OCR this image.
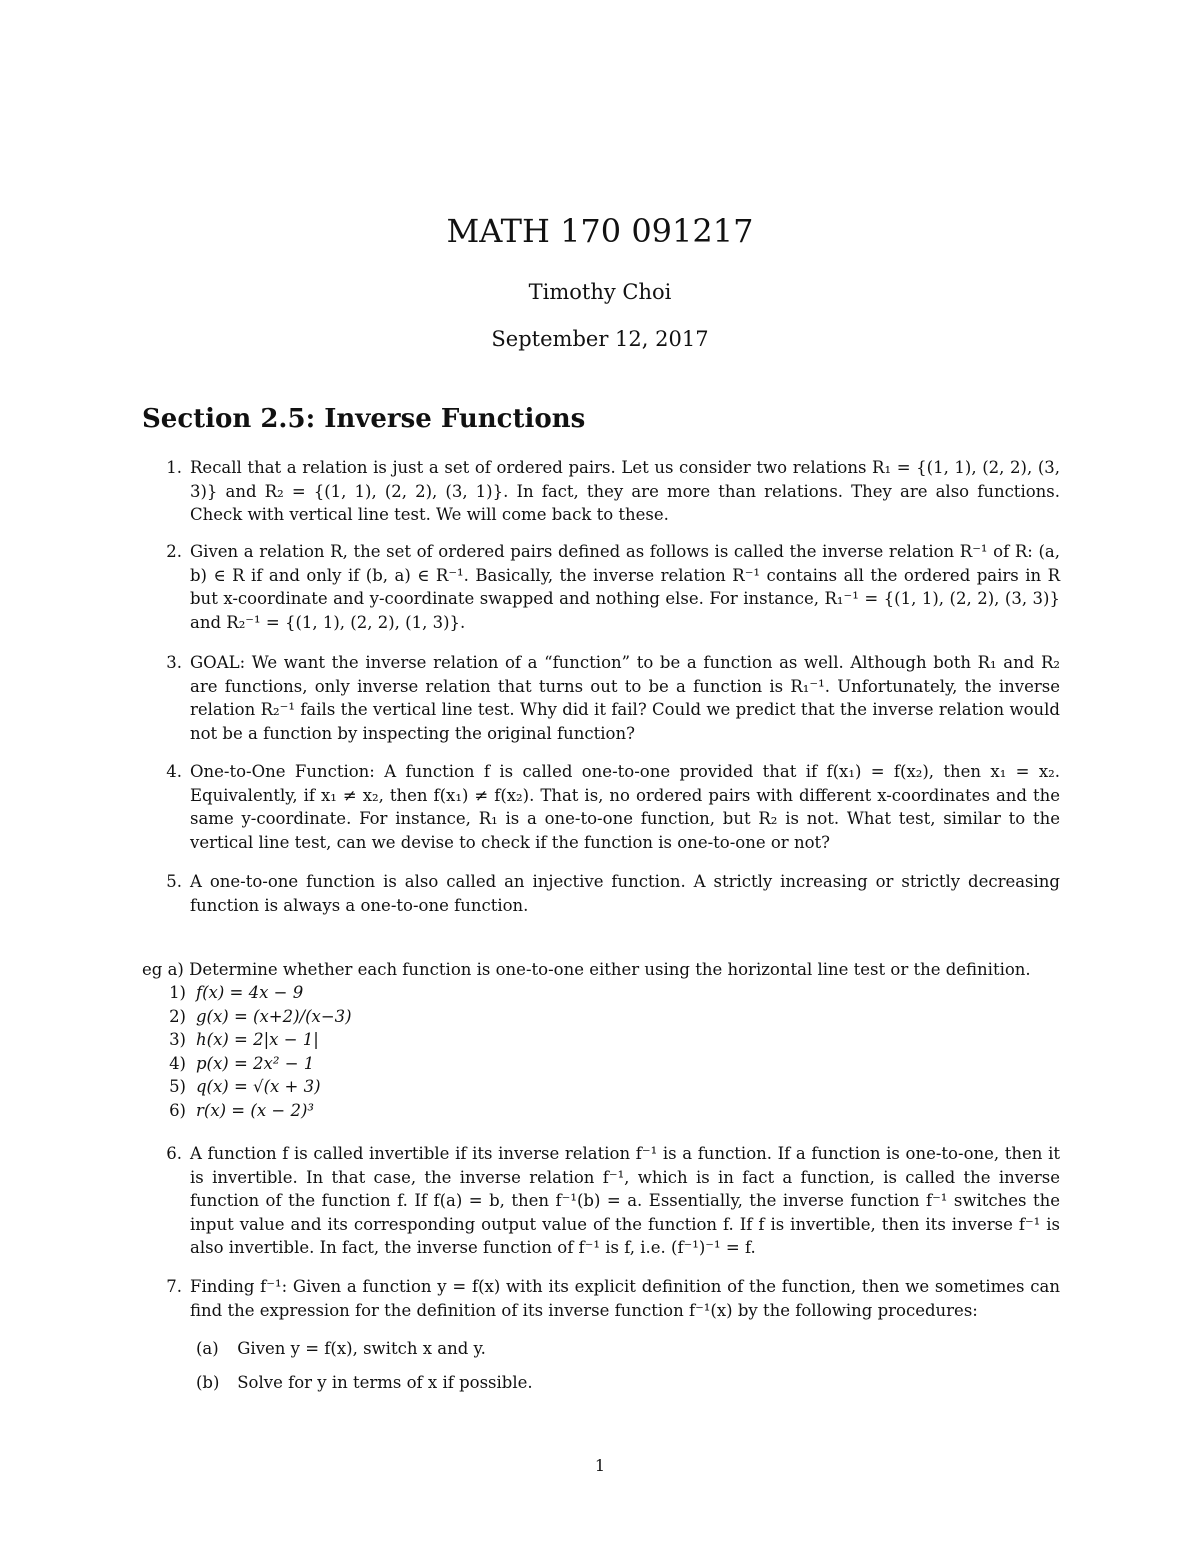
MATH 170 091217
Timothy Choi
September 12, 2017
Section 2.5: Inverse Functions
1. Recall that a relation is just a set of ordered pairs. Let us consider two relations R₁ = {(1, 1), (2, 2), (3, 3)} and R₂ = {(1, 1), (2, 2), (3, 1)}. In fact, they are more than relations. They are also functions. Check with vertical line test. We will come back to these.
2. Given a relation R, the set of ordered pairs defined as follows is called the inverse relation R⁻¹ of R: (a, b) ∈ R if and only if (b, a) ∈ R⁻¹. Basically, the inverse relation R⁻¹ contains all the ordered pairs in R but x-coordinate and y-coordinate swapped and nothing else. For instance, R₁⁻¹ = {(1, 1), (2, 2), (3, 3)} and R₂⁻¹ = {(1, 1), (2, 2), (1, 3)}.
3. GOAL: We want the inverse relation of a “function” to be a function as well. Although both R₁ and R₂ are functions, only inverse relation that turns out to be a function is R₁⁻¹. Unfortunately, the inverse relation R₂⁻¹ fails the vertical line test. Why did it fail? Could we predict that the inverse relation would not be a function by inspecting the original function?
4. One-to-One Function: A function f is called one-to-one provided that if f(x₁) = f(x₂), then x₁ = x₂. Equivalently, if x₁ ≠ x₂, then f(x₁) ≠ f(x₂). That is, no ordered pairs with different x-coordinates and the same y-coordinate. For instance, R₁ is a one-to-one function, but R₂ is not. What test, similar to the vertical line test, can we devise to check if the function is one-to-one or not?
5. A one-to-one function is also called an injective function. A strictly increasing or strictly decreasing function is always a one-to-one function.
eg a) Determine whether each function is one-to-one either using the horizontal line test or the definition.
1) f(x) = 4x − 9
2) g(x) = (x+2)/(x−3)
3) h(x) = 2|x − 1|
4) p(x) = 2x² − 1
5) q(x) = √(x + 3)
6) r(x) = (x − 2)³
6. A function f is called invertible if its inverse relation f⁻¹ is a function. If a function is one-to-one, then it is invertible. In that case, the inverse relation f⁻¹, which is in fact a function, is called the inverse function of the function f. If f(a) = b, then f⁻¹(b) = a. Essentially, the inverse function f⁻¹ switches the input value and its corresponding output value of the function f. If f is invertible, then its inverse f⁻¹ is also invertible. In fact, the inverse function of f⁻¹ is f, i.e. (f⁻¹)⁻¹ = f.
7. Finding f⁻¹: Given a function y = f(x) with its explicit definition of the function, then we sometimes can find the expression for the definition of its inverse function f⁻¹(x) by the following procedures:
(a) Given y = f(x), switch x and y.
(b) Solve for y in terms of x if possible.
1
